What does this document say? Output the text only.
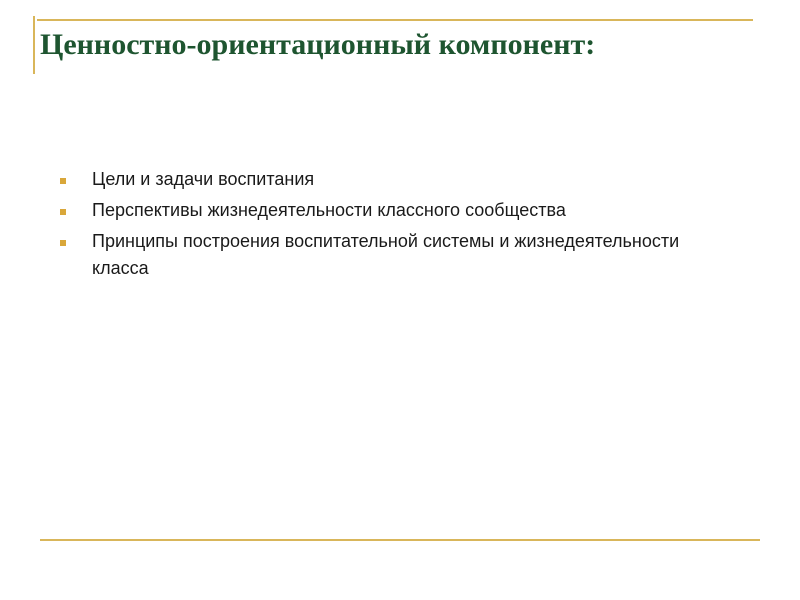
Ценностно-ориентационный компонент:
Цели и задачи воспитания
Перспективы жизнедеятельности классного сообщества
Принципы построения воспитательной системы и жизнедеятельности класса
